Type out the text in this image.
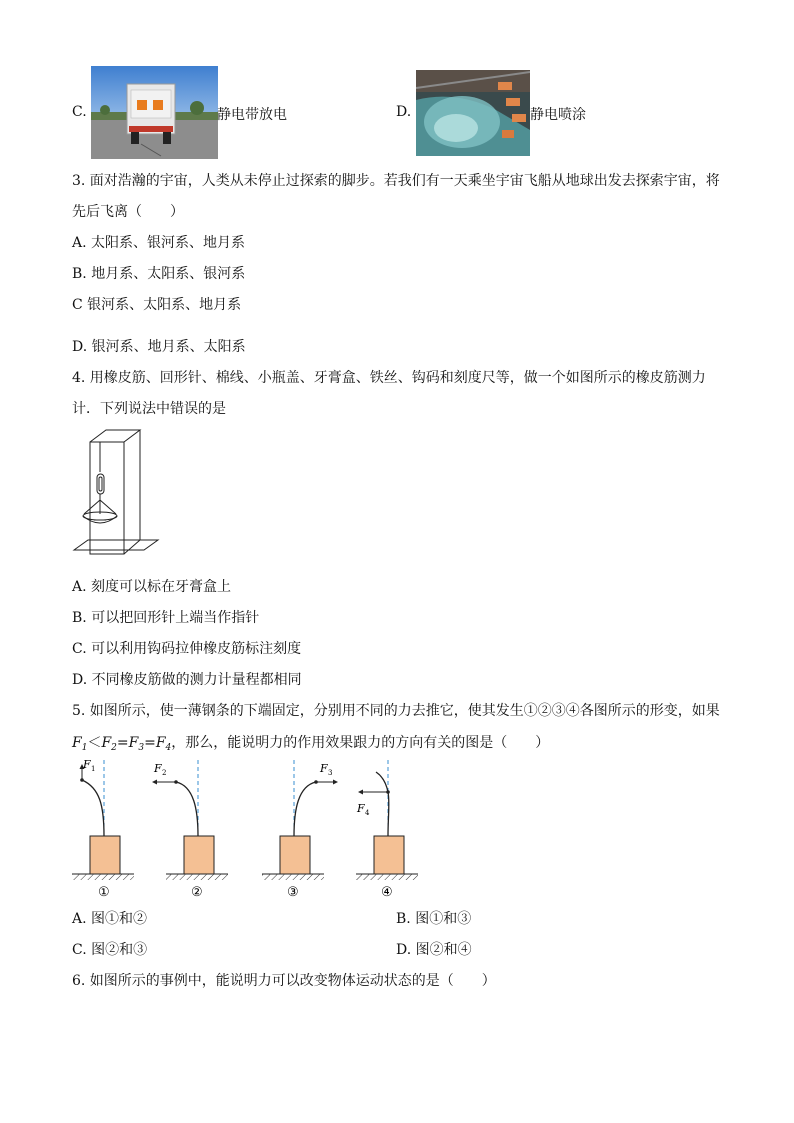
C.	静电带放电	D.	静电喷涂
3. 面对浩瀚的宇宙，人类从未停止过探索的脚步。若我们有一天乘坐宇宙飞船从地球出发去探索宇宙，将
先后飞离（　　）
A. 太阳系、银河系、地月系
B. 地月系、太阳系、银河系
C 银河系、太阳系、地月系
D. 银河系、地月系、太阳系
4. 用橡皮筋、回形针、棉线、小瓶盖、牙膏盒、铁丝、钩码和刻度尺等，做一个如图所示的橡皮筋测力
计．下列说法中错误的是
A. 刻度可以标在牙膏盒上
B. 可以把回形针上端当作指针
C. 可以利用钩码拉伸橡皮筋标注刻度
D. 不同橡皮筋做的测力计量程都相同
5. 如图所示，使一薄钢条的下端固定，分别用不同的力去推它，使其发生①②③④各图所示的形变，如果
$F_1<F_2=F_3=F_4$，那么，能说明力的作用效果跟力的方向有关的图是（　　）
F 1
①
F 2
②
F 3
③
F 4
④
A. 图①和②	B. 图①和③
C. 图②和③	D. 图②和④
6. 如图所示的事例中，能说明力可以改变物体运动状态的是（　　）
